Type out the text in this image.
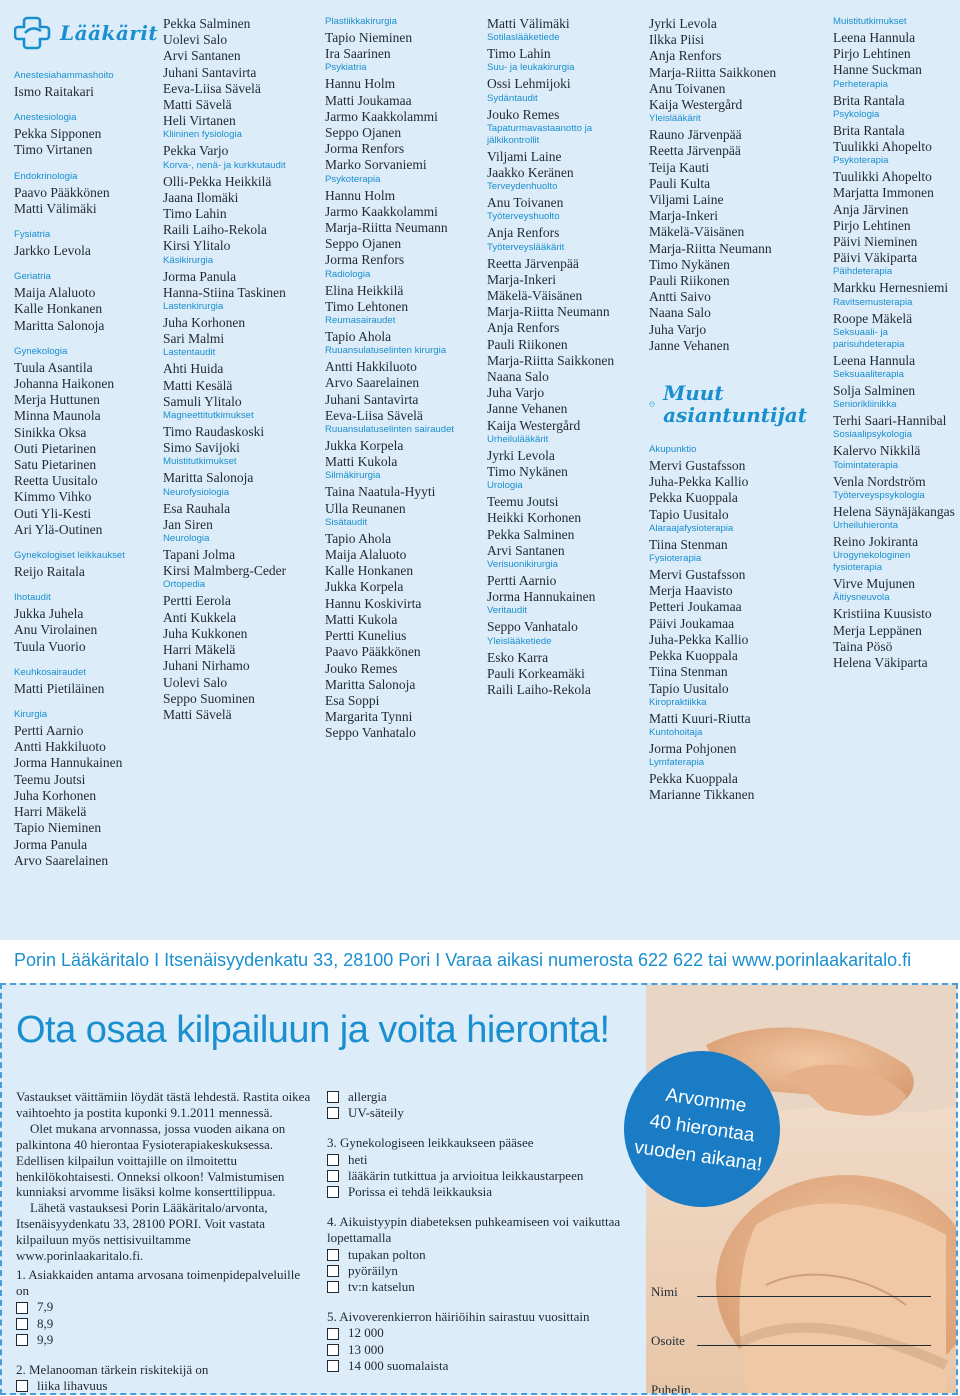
Lääkärit
Anestesiahammashoito
Ismo Raitakari
Anestesiologia
Pekka Sipponen
Timo Virtanen
Endokrinologia
Paavo Pääkkönen
Matti Välimäki
Fysiatria
Jarkko Levola
Geriatria
Maija Alaluoto
Kalle Honkanen
Maritta Salonoja
Gynekologia
Tuula Asantila
Johanna Haikonen
Merja Huttunen
Minna Maunola
Sinikka Oksa
Outi Pietarinen
Satu Pietarinen
Reetta Uusitalo
Kimmo Vihko
Outi Yli-Kesti
Ari Ylä-Outinen
Gynekologiset leikkaukset
Reijo Raitala
Ihotaudit
Jukka Juhela
Anu Virolainen
Tuula Vuorio
Keuhkosairaudet
Matti Pietiläinen
Kirurgia
Pertti Aarnio
Antti Hakkiluoto
Jorma Hannukainen
Teemu Joutsi
Juha Korhonen
Harri Mäkelä
Tapio Nieminen
Jorma Panula
Arvo Saarelainen
Pekka Salminen
Uolevi Salo
Arvi Santanen
Juhani Santavirta
Eeva-Liisa Sävelä
Matti Sävelä
Heli Virtanen
Kliininen fysiologia
Pekka Varjo
Korva-, nenä- ja kurkkutaudit
Olli-Pekka Heikkilä
Jaana Ilomäki
Timo Lahin
Raili Laiho-Rekola
Kirsi Ylitalo
Käsikirurgia
Jorma Panula
Hanna-Stiina Taskinen
Lastenkirurgia
Juha Korhonen
Sari Malmi
Lastentaudit
Ahti Huida
Matti Kesälä
Samuli Ylitalo
Magneettitutkimukset
Timo Raudaskoski
Simo Savijoki
Muistitutkimukset
Maritta Salonoja
Neurofysiologia
Esa Rauhala
Jan Siren
Neurologia
Tapani Jolma
Kirsi Malmberg-Ceder
Ortopedia
Pertti Eerola
Anti Kukkela
Juha Kukkonen
Harri Mäkelä
Juhani Nirhamo
Uolevi Salo
Seppo Suominen
Matti Sävelä
Plastiikkakirurgia
Tapio Nieminen
Ira Saarinen
Psykiatria
Hannu Holm
Matti Joukamaa
Jarmo Kaakkolammi
Seppo Ojanen
Jorma Renfors
Marko Sorvaniemi
Psykoterapia
Hannu Holm
Jarmo Kaakkolammi
Marja-Riitta Neumann
Seppo Ojanen
Jorma Renfors
Radiologia
Elina Heikkilä
Timo Lehtonen
Reumasairaudet
Tapio Ahola
Ruuansulatuselinten kirurgia
Antti Hakkiluoto
Arvo Saarelainen
Juhani Santavirta
Eeva-Liisa Sävelä
Ruuansulatuselinten sairaudet
Jukka Korpela
Matti Kukola
Silmäkirurgia
Taina Naatula-Hyyti
Ulla Reunanen
Sisätaudit
Tapio Ahola
Maija Alaluoto
Kalle Honkanen
Jukka Korpela
Hannu Koskivirta
Matti Kukola
Pertti Kunelius
Paavo Pääkkönen
Jouko Remes
Maritta Salonoja
Esa Soppi
Margarita Tynni
Seppo Vanhatalo
Matti Välimäki
Sotilaslääketiede
Timo Lahin
Suu- ja leukakirurgia
Ossi Lehmijoki
Sydäntaudit
Jouko Remes
Tapaturmavastaanotto ja jälkikontrollit
Viljami Laine
Jaakko Keränen
Terveydenhuolto
Anu Toivanen
Työterveyshuolto
Anja Renfors
Työterveyslääkärit
Reetta Järvenpää
Marja-Inkeri
Mäkelä-Väisänen
Marja-Riitta Neumann
Anja Renfors
Pauli Riikonen
Marja-Riitta Saikkonen
Naana Salo
Juha Varjo
Janne Vehanen
Kaija Westergård
Urheilulääkärit
Jyrki Levola
Timo Nykänen
Urologia
Teemu Joutsi
Heikki Korhonen
Pekka Salminen
Arvi Santanen
Verisuonikirurgia
Pertti Aarnio
Jorma Hannukainen
Veritaudit
Seppo Vanhatalo
Yleislääketiede
Esko Karra
Pauli Korkeamäki
Raili Laiho-Rekola
Jyrki Levola
Ilkka Piisi
Anja Renfors
Marja-Riitta Saikkonen
Anu Toivanen
Kaija Westergård
Yleislääkärit
Rauno Järvenpää
Reetta Järvenpää
Teija Kauti
Pauli Kulta
Viljami Laine
Marja-Inkeri
Mäkelä-Väisänen
Marja-Riitta Neumann
Timo Nykänen
Pauli Riikonen
Antti Saivo
Naana Salo
Juha Varjo
Janne Vehanen
Muut
asiantuntijat
Akupunktio
Mervi Gustafsson
Juha-Pekka Kallio
Pekka Kuoppala
Tapio Uusitalo
Alaraajafysioterapia
Tiina Stenman
Fysioterapia
Mervi Gustafsson
Merja Haavisto
Petteri Joukamaa
Päivi Joukamaa
Juha-Pekka Kallio
Pekka Kuoppala
Tiina Stenman
Tapio Uusitalo
Kiropraktiikka
Matti Kuuri-Riutta
Kuntohoitaja
Jorma Pohjonen
Lymfaterapia
Pekka Kuoppala
Marianne Tikkanen
Muistitutkimukset
Leena Hannula
Pirjo Lehtinen
Hanne Suckman
Perheterapia
Brita Rantala
Psykologia
Brita Rantala
Tuulikki Ahopelto
Psykoterapia
Tuulikki Ahopelto
Marjatta Immonen
Anja Järvinen
Pirjo Lehtinen
Päivi Nieminen
Päivi Väkiparta
Päihdeterapia
Markku Hernesniemi
Ravitsemusterapia
Roope Mäkelä
Seksuaali- ja parisuhdeterapia
Leena Hannula
Seksuaaliterapia
Solja Salminen
Seniorikliinikka
Terhi Saari-Hannibal
Sosiaalipsykologia
Kalervo Nikkilä
Toimintaterapia
Venla Nordström
Työterveyspsykologia
Helena Säynäjäkangas
Urheiluhieronta
Reino Jokiranta
Urogynekologinen fysioterapia
Virve Mujunen
Äitiysneuvola
Kristiina Kuusisto
Merja Leppänen
Taina Pösö
Helena Väkiparta
Porin Lääkäritalo I Itsenäisyydenkatu 33, 28100 Pori I Varaa aikasi numerosta 622 622 tai www.porinlaakaritalo.fi
Ota osaa kilpailuun ja voita hieronta!
Arvomme
40 hierontaa
vuoden aikana!

Vastaukset väittämiin löydät tästä lehdestä. Rastita oikea vaihtoehto ja postita kuponki 9.1.2011 mennessä.

Olet mukana arvonnassa, jossa vuoden aikana on palkintona 40 hierontaa Fysioterapiakeskuksessa. Edellisen kilpailun voittajille on ilmoitettu henkilökohtaisesti. Onneksi olkoon! Valmistumisen kunniaksi arvomme lisäksi kolme konserttilippua.

Lähetä vastauksesi Porin Lääkäritalo/arvonta, Itsenäisyydenkatu 33, 28100 PORI. Voit vastata kilpailuun myös nettisivuiltamme www.porinlaakaritalo.fi.

1. Asiakkaiden antama arvosana toimenpidepalveluille on
7,9
8,9
9,9
2. Melanooman tärkein riskitekijä on
liika lihavuus
allergia
UV-säteily
3. Gynekologiseen leikkaukseen pääsee
heti
lääkärin tutkittua ja arvioitua leikkaustarpeen
Porissa ei tehdä leikkauksia
4. Aikuistyypin diabeteksen puhkeamiseen voi vaikuttaa lopettamalla
tupakan polton
pyöräilyn
tv:n katselun
5. Aivoverenkierron häiriöihin sairastuu vuosittain
12 000
13 000
14 000 suomalaista
Nimi
Osoite
Puhelin
